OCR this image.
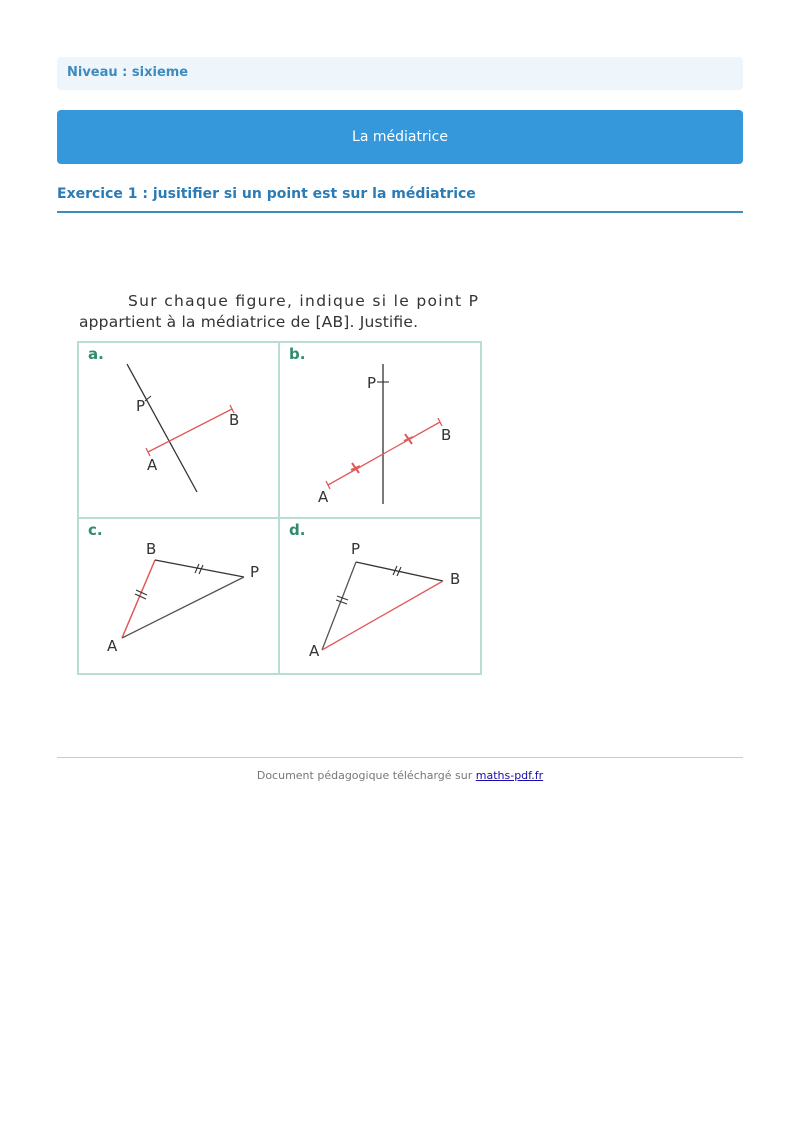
Niveau : sixieme
La médiatrice
Exercice 1 : jusitifier si un point est sur la médiatrice
Sur chaque figure, indique si le point P
appartient à la médiatrice de [AB]. Justifie.
a.
P
B
A
b.
P
B
A
c.
B
P
A
d.
P
B
A
Document pédagogique téléchargé sur maths-pdf.fr
